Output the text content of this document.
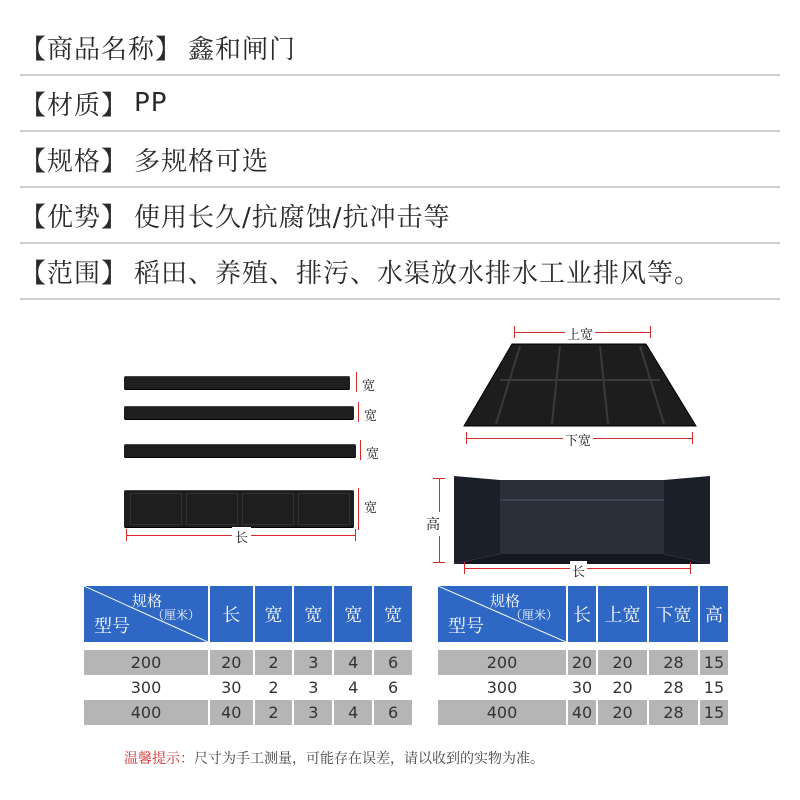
【商品名称】 鑫和闸门
【材质】 PP
【规格】 多规格可选
【优势】 使用长久/抗腐蚀/抗冲击等
【范围】 稻田、养殖、排污、水渠放水排水工业排风等。
宽
宽
宽
宽
长
上宽
下宽
高
长
规格
（厘米）
型号	长	宽	宽	宽	宽

200	20	2	3	4	6
300	30	2	3	4	6
400	40	2	3	4	6
规格
（厘米）
型号	长	上宽	下宽	高

200	20	20	28	15
300	30	20	28	15
400	40	20	28	15
温馨提示：尺寸为手工测量，可能存在误差，请以收到的实物为准。
